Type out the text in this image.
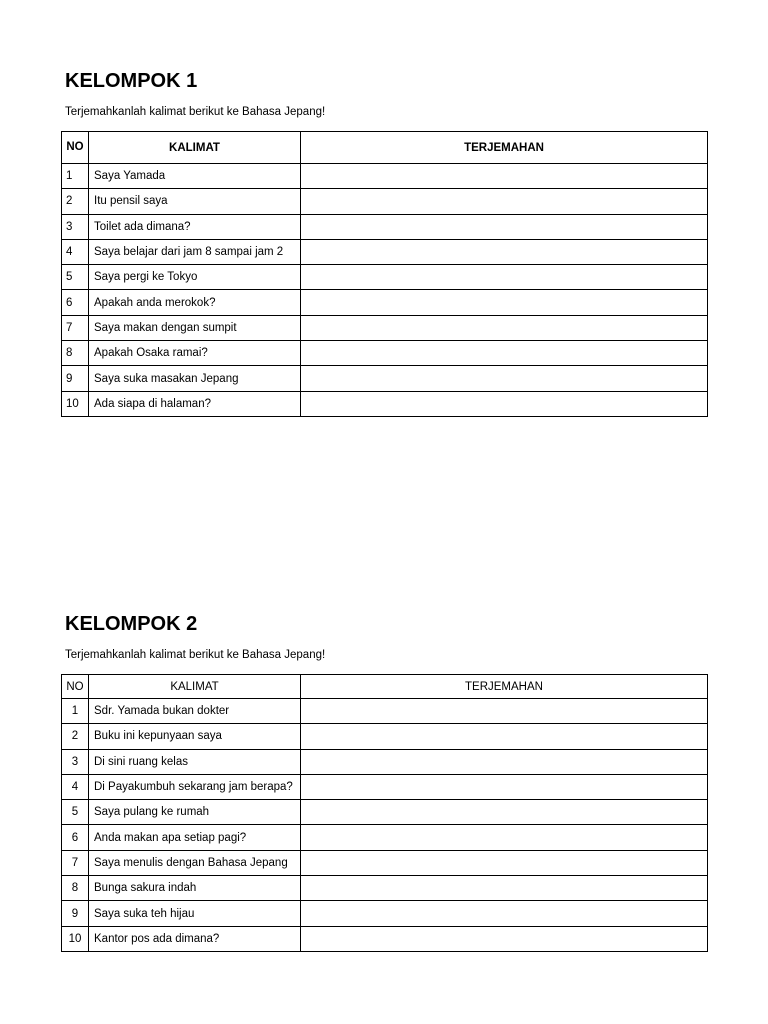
KELOMPOK 1

Terjemahkanlah kalimat berikut ke Bahasa Jepang!

NO	KALIMAT	TERJEMAHAN
1	Saya Yamada	
2	Itu pensil saya	
3	Toilet ada dimana?	
4	Saya belajar dari jam 8 sampai jam 2	
5	Saya pergi ke Tokyo	
6	Apakah anda merokok?	
7	Saya makan dengan sumpit	
8	Apakah Osaka ramai?	
9	Saya suka masakan Jepang	
10	Ada siapa di halaman?	
KELOMPOK 2

Terjemahkanlah kalimat berikut ke Bahasa Jepang!

NO	KALIMAT	TERJEMAHAN
1	Sdr. Yamada bukan dokter	
2	Buku ini kepunyaan saya	
3	Di sini ruang kelas	
4	Di Payakumbuh sekarang jam berapa?	
5	Saya pulang ke rumah	
6	Anda makan apa setiap pagi?	
7	Saya menulis dengan Bahasa Jepang	
8	Bunga sakura indah	
9	Saya suka teh hijau	
10	Kantor pos ada dimana?	
